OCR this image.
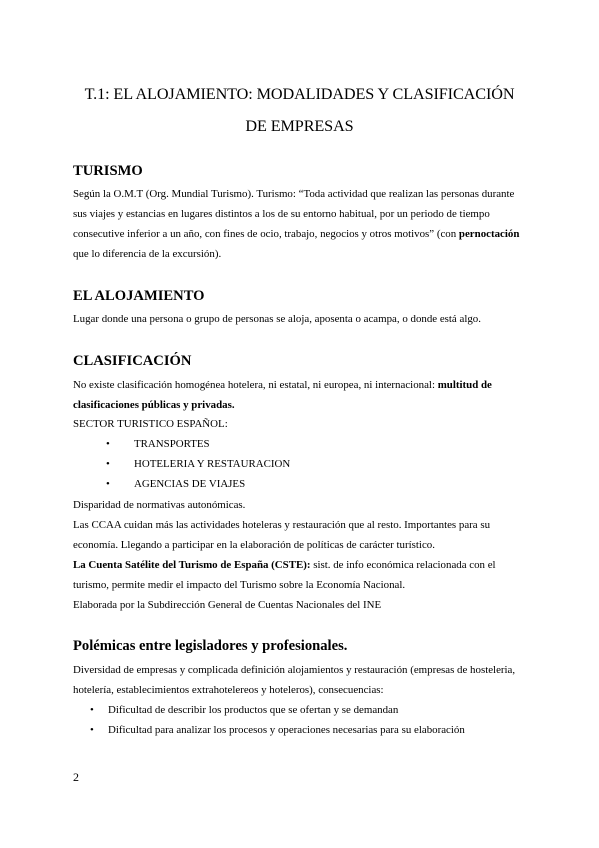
T.1: EL ALOJAMIENTO: MODALIDADES Y CLASIFICACIÓN
DE EMPRESAS
TURISMO
Según la O.M.T (Org. Mundial Turismo). Turismo: “Toda actividad que realizan las personas durante
sus viajes y estancias en lugares distintos a los de su entorno habitual, por un periodo de tiempo
consecutive inferior a un año, con fines de ocio, trabajo, negocios y otros motivos” (con pernoctación
que lo diferencia de la excursión).
EL ALOJAMIENTO
Lugar donde una persona o grupo de personas se aloja, aposenta o acampa, o donde está algo.
CLASIFICACIÓN
No existe clasificación homogénea hotelera, ni estatal, ni europea, ni internacional: multitud de
clasificaciones públicas y privadas.
SECTOR TURISTICO ESPAÑOL:
• TRANSPORTES
• HOTELERIA Y RESTAURACION
• AGENCIAS DE VIAJES
Disparidad de normativas autonómicas.
Las CCAA cuidan más las actividades hoteleras y restauración que al resto. Importantes para su
economía. Llegando a participar en la elaboración de políticas de carácter turístico.
La Cuenta Satélite del Turismo de España (CSTE): sist. de info económica relacionada con el
turismo, permite medir el impacto del Turismo sobre la Economía Nacional.
Elaborada por la Subdirección General de Cuentas Nacionales del INE
Polémicas entre legisladores y profesionales.
Diversidad de empresas y complicada definición alojamientos y restauración (empresas de hosteleria,
hotelería, establecimientos extrahotelereos y hoteleros), consecuencias:
• Dificultad de describir los productos que se ofertan y se demandan
• Dificultad para analizar los procesos y operaciones necesarias para su elaboración
2
